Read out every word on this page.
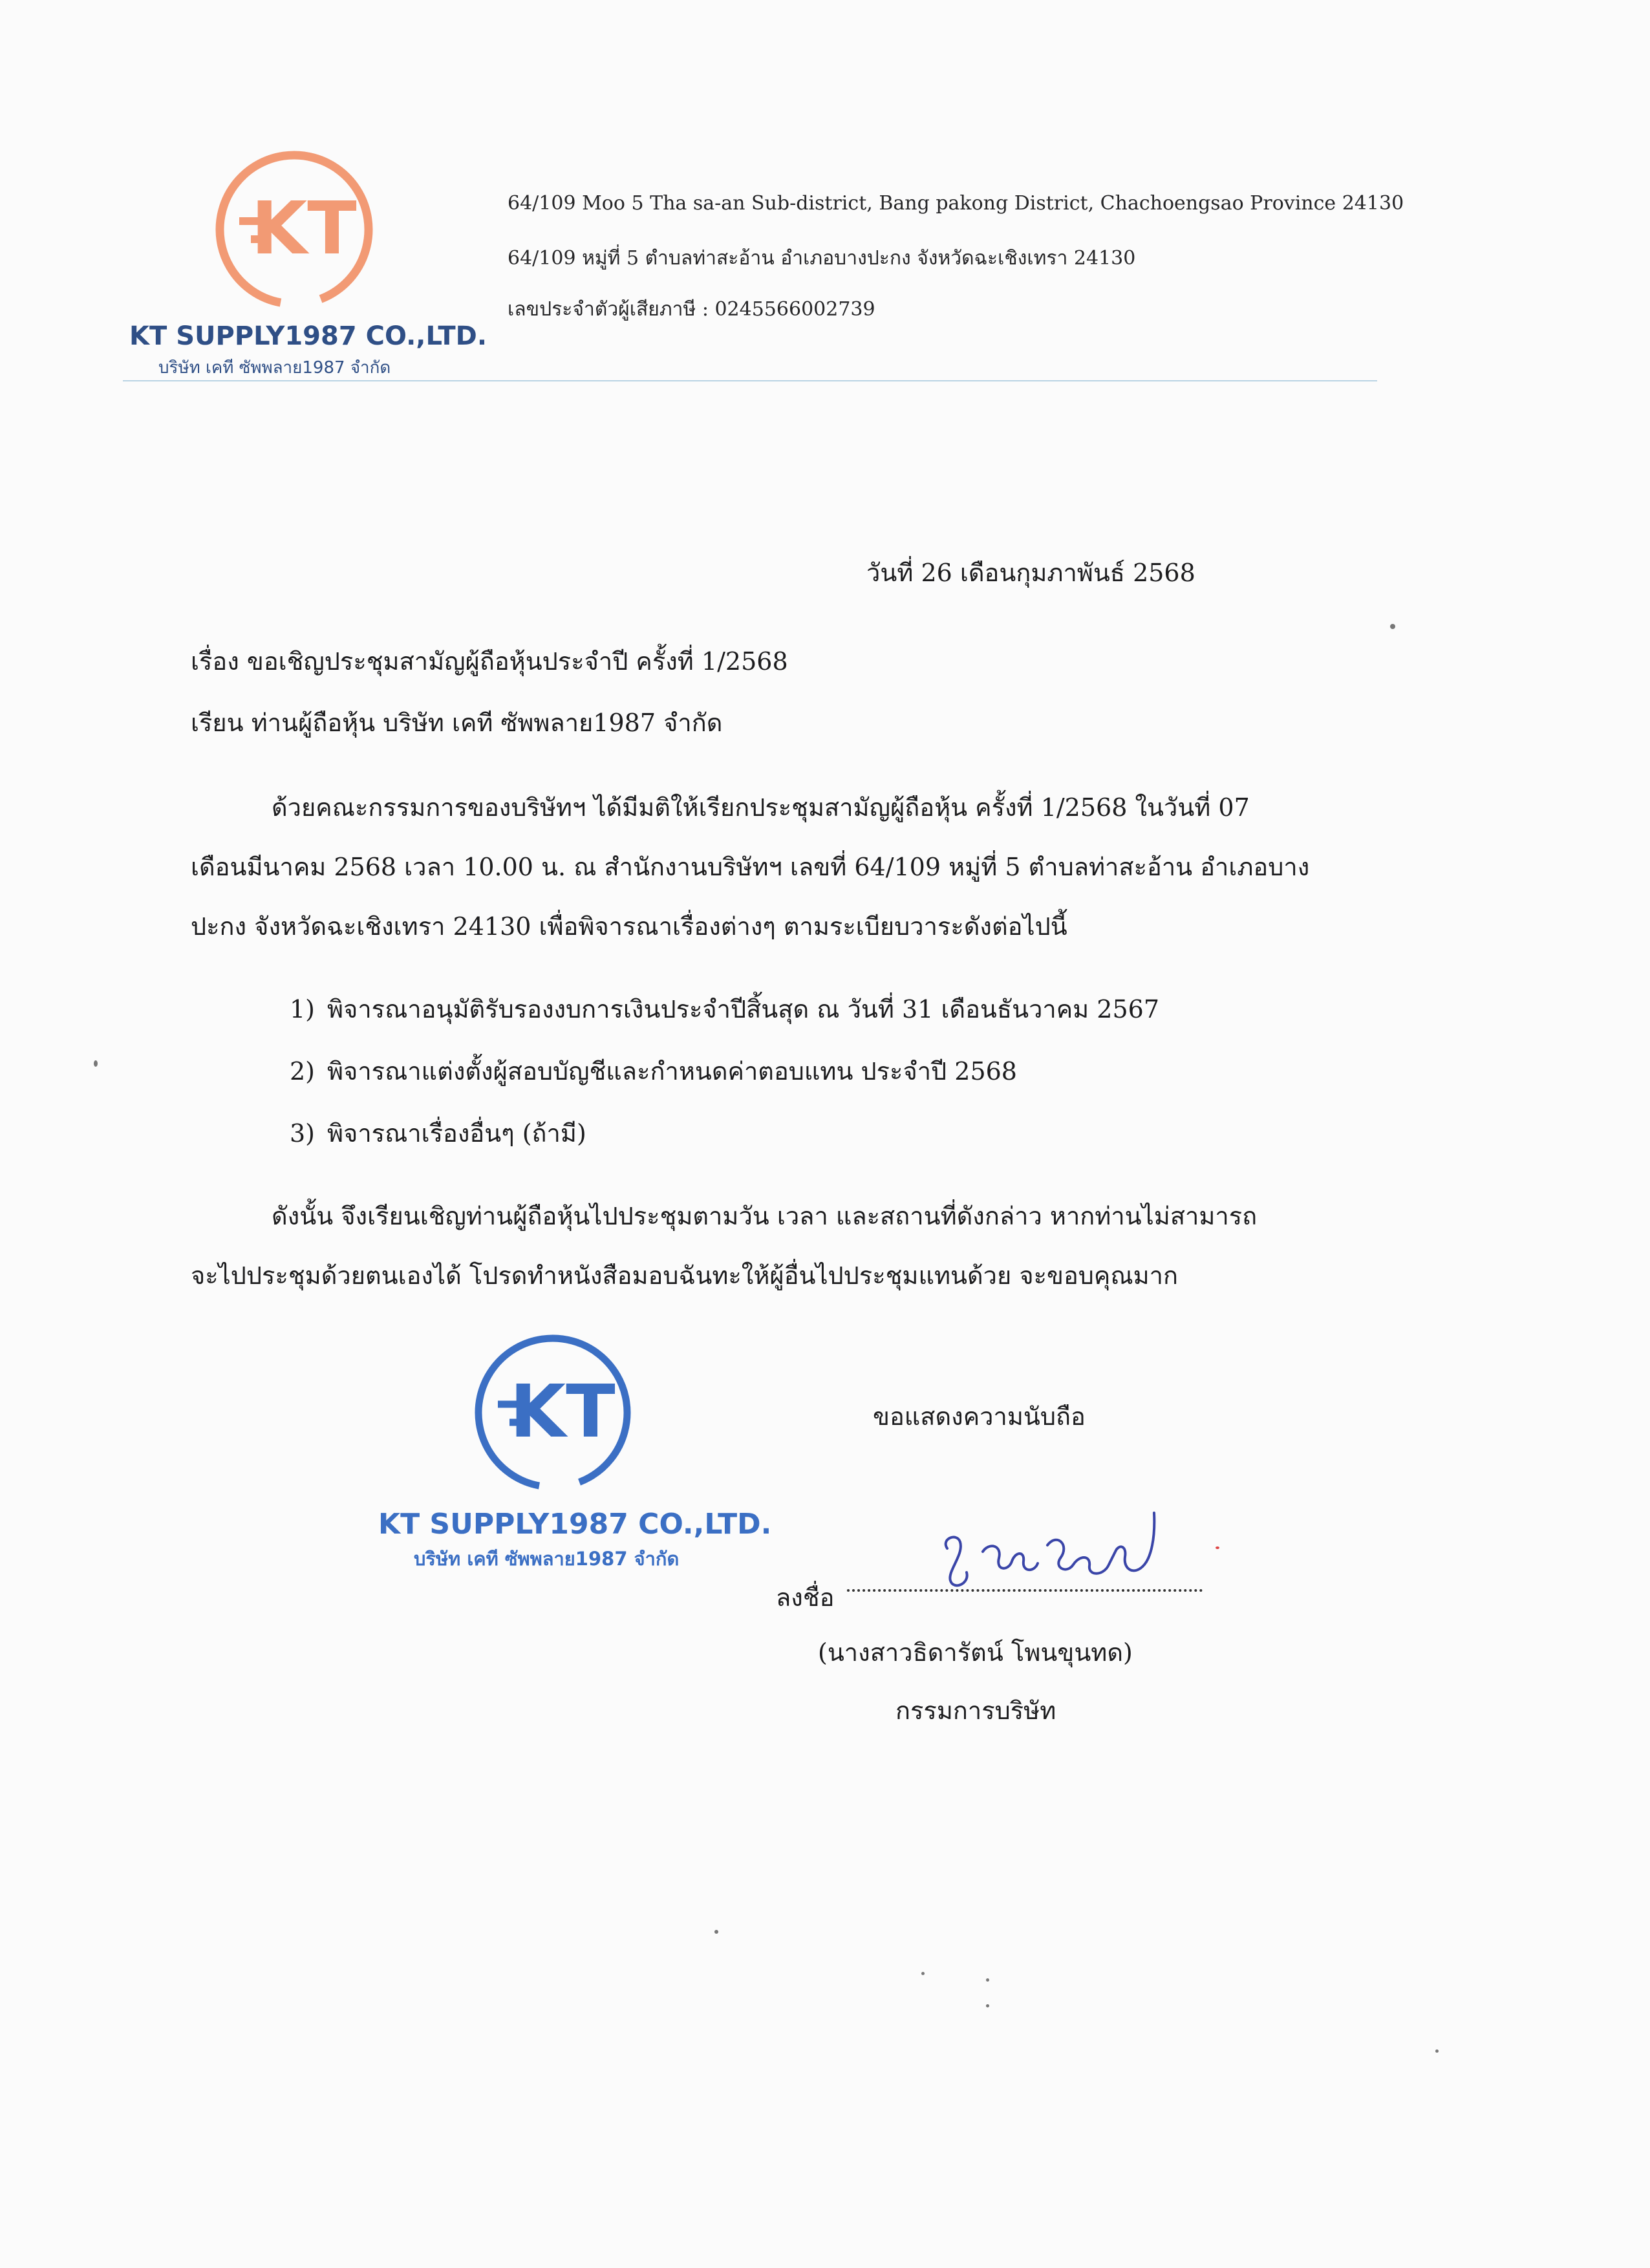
KT
KT SUPPLY1987 CO.,LTD.
บริษัท เคที ซัพพลาย1987 จำกัด
64/109 Moo 5 Tha sa-an Sub-district, Bang pakong District, Chachoengsao Province 24130
64/109 หมู่ที่ 5 ตำบลท่าสะอ้าน อำเภอบางปะกง จังหวัดฉะเชิงเทรา 24130
เลขประจำตัวผู้เสียภาษี : 0245566002739
วันที่ 26 เดือนกุมภาพันธ์ 2568
เรื่อง ขอเชิญประชุมสามัญผู้ถือหุ้นประจำปี ครั้งที่ 1/2568
เรียน ท่านผู้ถือหุ้น บริษัท เคที ซัพพลาย1987 จำกัด
ด้วยคณะกรรมการของบริษัทฯ ได้มีมติให้เรียกประชุมสามัญผู้ถือหุ้น ครั้งที่ 1/2568 ในวันที่ 07
เดือนมีนาคม 2568 เวลา 10.00 น. ณ สำนักงานบริษัทฯ เลขที่ 64/109 หมู่ที่ 5 ตำบลท่าสะอ้าน อำเภอบาง
ปะกง จังหวัดฉะเชิงเทรา 24130 เพื่อพิจารณาเรื่องต่างๆ ตามระเบียบวาระดังต่อไปนี้
1) พิจารณาอนุมัติรับรองงบการเงินประจำปีสิ้นสุด ณ วันที่ 31 เดือนธันวาคม 2567
2) พิจารณาแต่งตั้งผู้สอบบัญชีและกำหนดค่าตอบแทน ประจำปี 2568
3) พิจารณาเรื่องอื่นๆ (ถ้ามี)
ดังนั้น จึงเรียนเชิญท่านผู้ถือหุ้นไปประชุมตามวัน เวลา และสถานที่ดังกล่าว หากท่านไม่สามารถ
จะไปประชุมด้วยตนเองได้ โปรดทำหนังสือมอบฉันทะให้ผู้อื่นไปประชุมแทนด้วย จะขอบคุณมาก
KT
KT SUPPLY1987 CO.,LTD.
บริษัท เคที ซัพพลาย1987 จำกัด
ขอแสดงความนับถือ
ลงชื่อ
(นางสาวธิดารัตน์ โพนขุนทด)
กรรมการบริษัท
